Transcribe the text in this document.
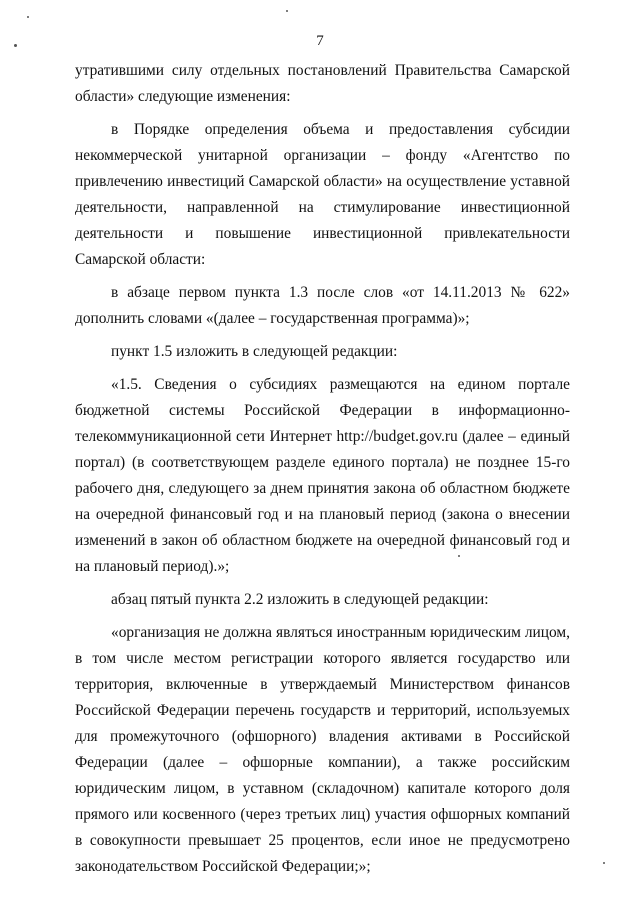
7

утратившими силу отдельных постановлений Правительства Самарской области» следующие изменения:

в Порядке определения объема и предоставления субсидии некоммерческой унитарной организации – фонду «Агентство по привлечению инвестиций Самарской области» на осуществление уставной деятельности, направленной на стимулирование инвестиционной деятельности и повышение инвестиционной привлекательности Самарской области:

в абзаце первом пункта 1.3 после слов «от 14.11.2013 № 622» дополнить словами «(далее – государственная программа)»;

пункт 1.5 изложить в следующей редакции:

«1.5. Сведения о субсидиях размещаются на едином портале бюджетной системы Российской Федерации в информационно-телекоммуникационной сети Интернет http://budget.gov.ru (далее – единый портал) (в соответствующем разделе единого портала) не позднее 15-го рабочего дня, следующего за днем принятия закона об областном бюджете на очередной финансовый год и на плановый период (закона о внесении изменений в закон об областном бюджете на очередной финансовый год и на плановый период).»;

абзац пятый пункта 2.2 изложить в следующей редакции:

«организация не должна являться иностранным юридическим лицом, в том числе местом регистрации которого является государство или территория, включенные в утверждаемый Министерством финансов Российской Федерации перечень государств и территорий, используемых для промежуточного (офшорного) владения активами в Российской Федерации (далее – офшорные компании), а также российским юридическим лицом, в уставном (складочном) капитале которого доля прямого или косвенного (через третьих лиц) участия офшорных компаний в совокупности превышает 25 процентов, если иное не предусмотрено законодательством Российской Федерации;»;
